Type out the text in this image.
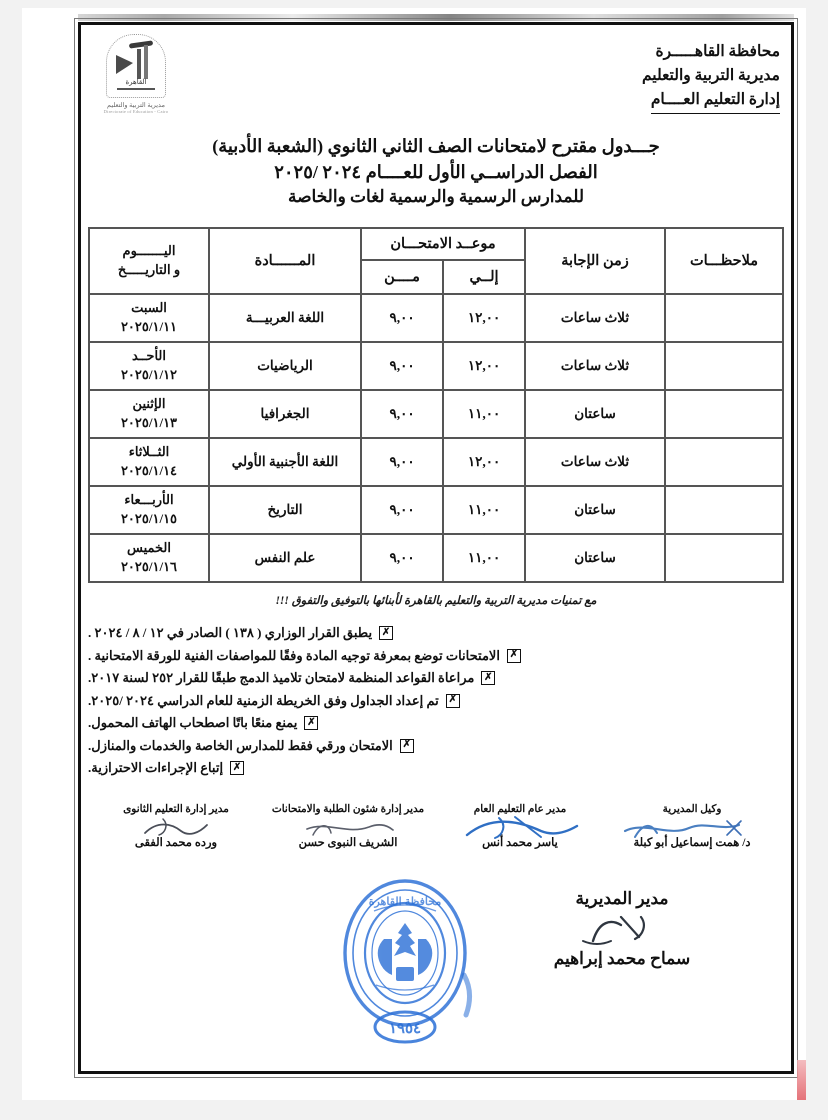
القاهرة
مديرية التربية والتعليم
Directorate of Education - Cairo
محافظة القاهـــــرة
مديرية التربية والتعليم
إدارة التعليم العــــام
جـــدول مقترح لامتحانات الصف الثاني الثانوي (الشعبة الأدبية)
الفصل الدراســي الأول للعــــام ٢٠٢٤ /٢٠٢٥
للمدارس الرسمية والرسمية لغات والخاصة
ملاحظـــات	زمن الإجابة	موعــد الامتحـــان		المــــــادة	اليـــــــوم
و التاريـــــخ

		إلــي	مــــن		
	ثلاث ساعات	١٢,٠٠	٩,٠٠	اللغة العربيـــة	السبت
٢٠٢٥/١/١١

	ثلاث ساعات	١٢,٠٠	٩,٠٠	الرياضيات	الأحــد
٢٠٢٥/١/١٢

	ساعتان	١١,٠٠	٩,٠٠	الجغرافيا	الإثنين
٢٠٢٥/١/١٣

	ثلاث ساعات	١٢,٠٠	٩,٠٠	اللغة الأجنبية الأولي	الثــلاثاء
٢٠٢٥/١/١٤

	ساعتان	١١,٠٠	٩,٠٠	التاريخ	الأربـــعاء
٢٠٢٥/١/١٥

	ساعتان	١١,٠٠	٩,٠٠	علم النفس	الخميس
٢٠٢٥/١/١٦
مع تمنيات مديرية التربية والتعليم بالقاهرة لأبنائها بالتوفيق والتفوق !!!
✗
يطبق القرار الوزاري ( ١٣٨ ) الصادر في ١٢ / ٨ / ٢٠٢٤ .
✗
الامتحانات توضع بمعرفة توجيه المادة وفقًا للمواصفات الفنية للورقة الامتحانية .
✗
مراعاة القواعد المنظمة لامتحان تلاميذ الدمج طبقًا للقرار ٢٥٢ لسنة ٢٠١٧.
✗
تم إعداد الجداول وفق الخريطة الزمنية للعام الدراسي ٢٠٢٤ /٢٠٢٥.
✗
يمنع منعًا باتًا اصطحاب الهاتف المحمول.
✗
الامتحان ورقي فقط للمدارس الخاصة والخدمات والمنازل.
✗
إتباع الإجراءات الاحترازية.
وكيل المديرية
د/ همت إسماعيل أبو كبلة
مدير عام التعليم العام
ياسر محمد أنس
مدير إدارة شئون الطلبة والامتحانات
الشريف النبوى حسن
مدير إدارة التعليم الثانوى
ورده محمد الفقى
محافظة القاهرة
١٩٥٤
مدير المديرية
سماح محمد إبراهيم
